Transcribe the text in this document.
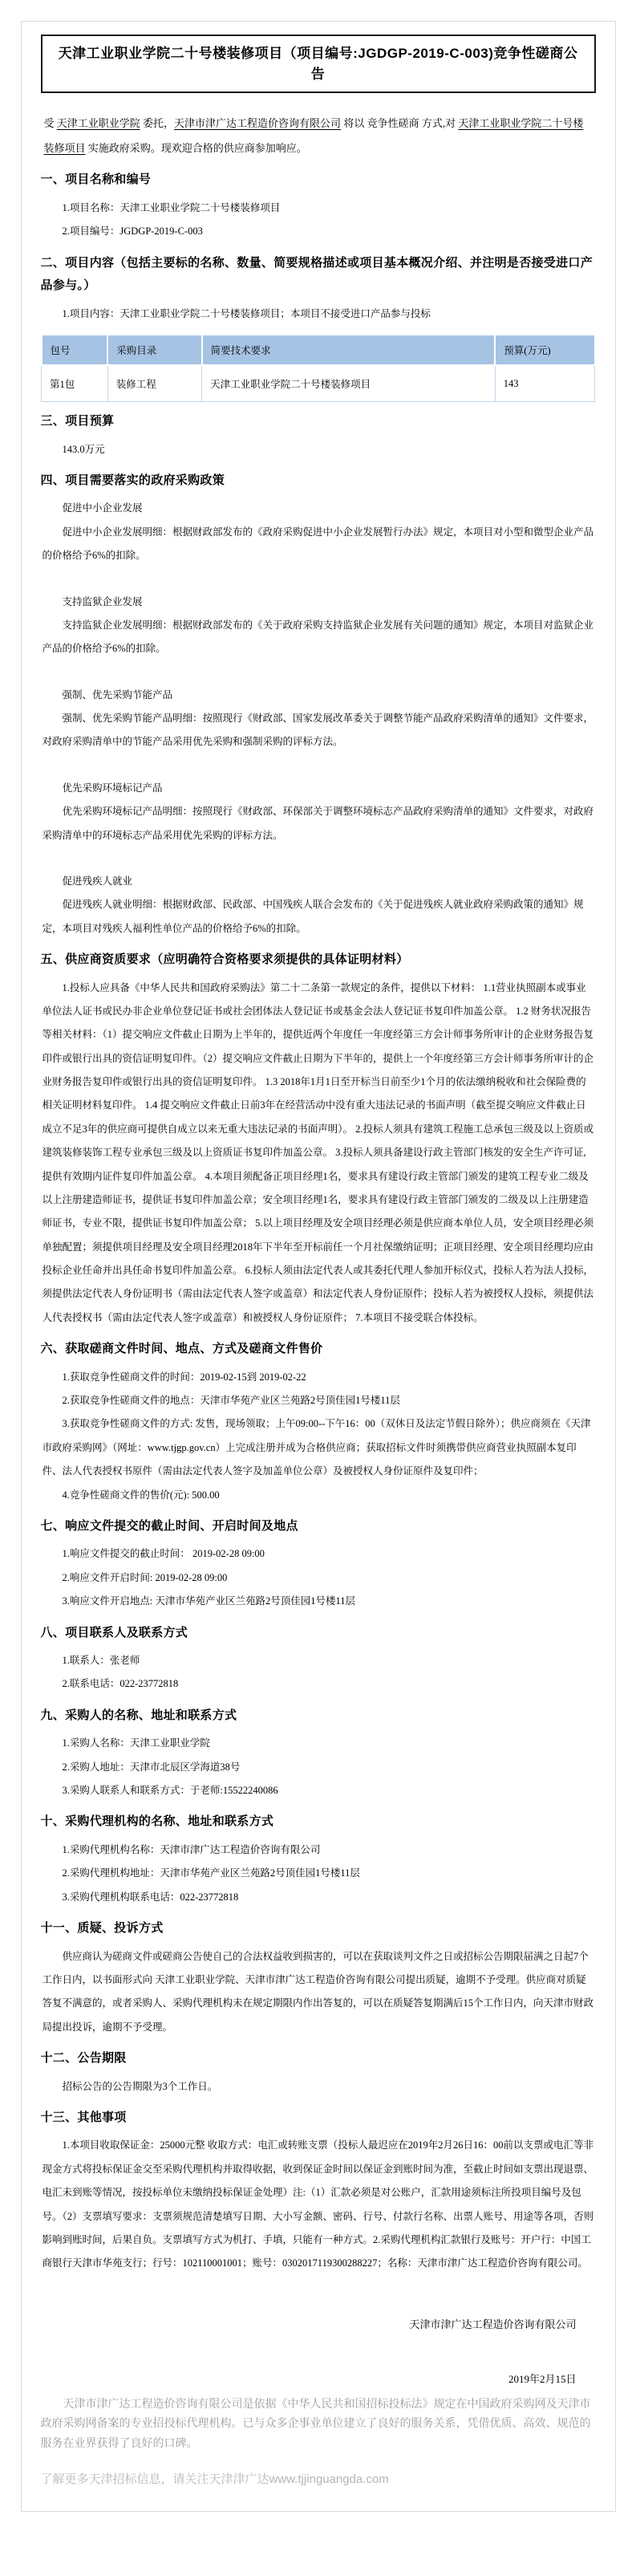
天津工业职业学院二十号楼装修项目（项目编号:JGDGP-2019-C-003)竞争性磋商公告

受 天津工业职业学院 委托，天津市津广达工程造价咨询有限公司 将以 竞争性磋商 方式,对 天津工业职业学院二十号楼装修项目 实施政府采购。现欢迎合格的供应商参加响应。

一、项目名称和编号

1.项目名称：天津工业职业学院二十号楼装修项目

2.项目编号：JGDGP-2019-C-003

二、项目内容（包括主要标的名称、数量、简要规格描述或项目基本概况介绍、并注明是否接受进口产品参与。）

1.项目内容：天津工业职业学院二十号楼装修项目；本项目不接受进口产品参与投标

包号	采购目录	简要技术要求	预算(万元)
第1包	装修工程	天津工业职业学院二十号楼装修项目	143
三、项目预算

143.0万元

四、项目需要落实的政府采购政策

促进中小企业发展

促进中小企业发展明细：根据财政部发布的《政府采购促进中小企业发展暂行办法》规定，本项目对小型和微型企业产品的价格给予6%的扣除。

支持监狱企业发展

支持监狱企业发展明细：根据财政部发布的《关于政府采购支持监狱企业发展有关问题的通知》规定，本项目对监狱企业产品的价格给予6%的扣除。

强制、优先采购节能产品

强制、优先采购节能产品明细：按照现行《财政部、国家发展改革委关于调整节能产品政府采购清单的通知》文件要求，对政府采购清单中的节能产品采用优先采购和强制采购的评标方法。

优先采购环境标记产品

优先采购环境标记产品明细：按照现行《财政部、环保部关于调整环境标志产品政府采购清单的通知》文件要求，对政府采购清单中的环境标志产品采用优先采购的评标方法。

促进残疾人就业

促进残疾人就业明细：根据财政部、民政部、中国残疾人联合会发布的《关于促进残疾人就业政府采购政策的通知》规定，本项目对残疾人福利性单位产品的价格给予6%的扣除。

五、供应商资质要求（应明确符合资格要求须提供的具体证明材料）

1.投标人应具备《中华人民共和国政府采购法》第二十二条第一款规定的条件，提供以下材料： 1.1营业执照副本或事业单位法人证书或民办非企业单位登记证书或社会团体法人登记证书或基金会法人登记证书复印件加盖公章。 1.2 财务状况报告等相关材料：（1）提交响应文件截止日期为上半年的，提供近两个年度任一年度经第三方会计师事务所审计的企业财务报告复印件或银行出具的资信证明复印件。（2）提交响应文件截止日期为下半年的，提供上一个年度经第三方会计师事务所审计的企业财务报告复印件或银行出具的资信证明复印件。 1.3 2018年1月1日至开标当日前至少1个月的依法缴纳税收和社会保险费的相关证明材料复印件。 1.4 提交响应文件截止日前3年在经营活动中没有重大违法记录的书面声明（截至提交响应文件截止日成立不足3年的供应商可提供自成立以来无重大违法记录的书面声明）。 2.投标人须具有建筑工程施工总承包三级及以上资质或建筑装修装饰工程专业承包三级及以上资质证书复印件加盖公章。 3.投标人须具备建设行政主管部门核发的安全生产许可证, 提供有效期内证件复印件加盖公章。 4.本项目须配备正项目经理1名，要求具有建设行政主管部门颁发的建筑工程专业二级及以上注册建造师证书，提供证书复印件加盖公章；安全项目经理1名，要求具有建设行政主管部门颁发的二级及以上注册建造师证书，专业不限，提供证书复印件加盖公章； 5.以上项目经理及安全项目经理必须是供应商本单位人员，安全项目经理必须单独配置；须提供项目经理及安全项目经理2018年下半年至开标前任一个月社保缴纳证明；正项目经理、安全项目经理均应由投标企业任命并出具任命书复印件加盖公章。 6.投标人须由法定代表人或其委托代理人参加开标仪式，投标人若为法人投标，须提供法定代表人身份证明书（需由法定代表人签字或盖章）和法定代表人身份证原件；投标人若为被授权人投标，须提供法人代表授权书（需由法定代表人签字或盖章）和被授权人身份证原件； 7.本项目不接受联合体投标。

六、获取磋商文件时间、地点、方式及磋商文件售价

1.获取竞争性磋商文件的时间：2019-02-15到 2019-02-22

2.获取竞争性磋商文件的地点：天津市华苑产业区兰苑路2号顶佳园1号楼11层

3.获取竞争性磋商文件的方式: 发售，现场领取；上午09:00--下午16：00（双休日及法定节假日除外）；供应商须在《天津市政府采购网》（网址：www.tjgp.gov.cn）上完成注册并成为合格供应商；获取招标文件时须携带供应商营业执照副本复印件、法人代表授权书原件（需由法定代表人签字及加盖单位公章）及被授权人身份证原件及复印件；

4.竞争性磋商文件的售价(元): 500.00

七、响应文件提交的截止时间、开启时间及地点

1.响应文件提交的截止时间： 2019-02-28 09:00

2.响应文件开启时间: 2019-02-28 09:00

3.响应文件开启地点: 天津市华苑产业区兰苑路2号顶佳园1号楼11层

八、项目联系人及联系方式

1.联系人：张老师

2.联系电话：022-23772818

九、采购人的名称、地址和联系方式

1.采购人名称：天津工业职业学院

2.采购人地址：天津市北辰区学海道38号

3.采购人联系人和联系方式：于老师:15522240086

十、采购代理机构的名称、地址和联系方式

1.采购代理机构名称：天津市津广达工程造价咨询有限公司

2.采购代理机构地址：天津市华苑产业区兰苑路2号顶佳园1号楼11层

3.采购代理机构联系电话：022-23772818

十一、质疑、投诉方式

供应商认为磋商文件或磋商公告使自己的合法权益收到损害的，可以在获取谈判文件之日或招标公告期限届满之日起7个工作日内，以书面形式向 天津工业职业学院、天津市津广达工程造价咨询有限公司提出质疑，逾期不予受理。供应商对质疑答复不满意的，或者采购人、采购代理机构未在规定期限内作出答复的，可以在质疑答复期满后15个工作日内，向天津市财政局提出投诉，逾期不予受理。

十二、公告期限

招标公告的公告期限为3个工作日。

十三、其他事项

1.本项目收取保证金：25000元整 收取方式：电汇或转账支票（投标人最迟应在2019年2月26日16：00前以支票或电汇等非现金方式将投标保证金交至采购代理机构并取得收据，收到保证金时间以保证金到账时间为准，至截止时间如支票出现退票、电汇未到账等情况，按投标单位未缴纳投标保证金处理）注:（1）汇款必须是对公账户，汇款用途须标注所投项目编号及包号。（2）支票填写要求：支票须规范清楚填写日期、大小写金额、密码、行号、付款行名称、出票人账号、用途等各项，否则影响到账时间，后果自负。支票填写方式为机打、手填，只能有一种方式。2.采购代理机构汇款银行及账号：开户行：中国工商银行天津市华苑支行；行号：102110001001；账号：0302017119300288227；名称：天津市津广达工程造价咨询有限公司。

天津市津广达工程造价咨询有限公司
2019年2月15日

天津市津广达工程造价咨询有限公司是依据《中华人民共和国招标投标法》规定在中国政府采购网及天津市政府采购网备案的专业招投标代理机构。已与众多企事业单位建立了良好的服务关系，凭借优质、高效、规范的服务在业界获得了良好的口碑。

了解更多天津招标信息，请关注天津津广达www.tjjinguangda.com
